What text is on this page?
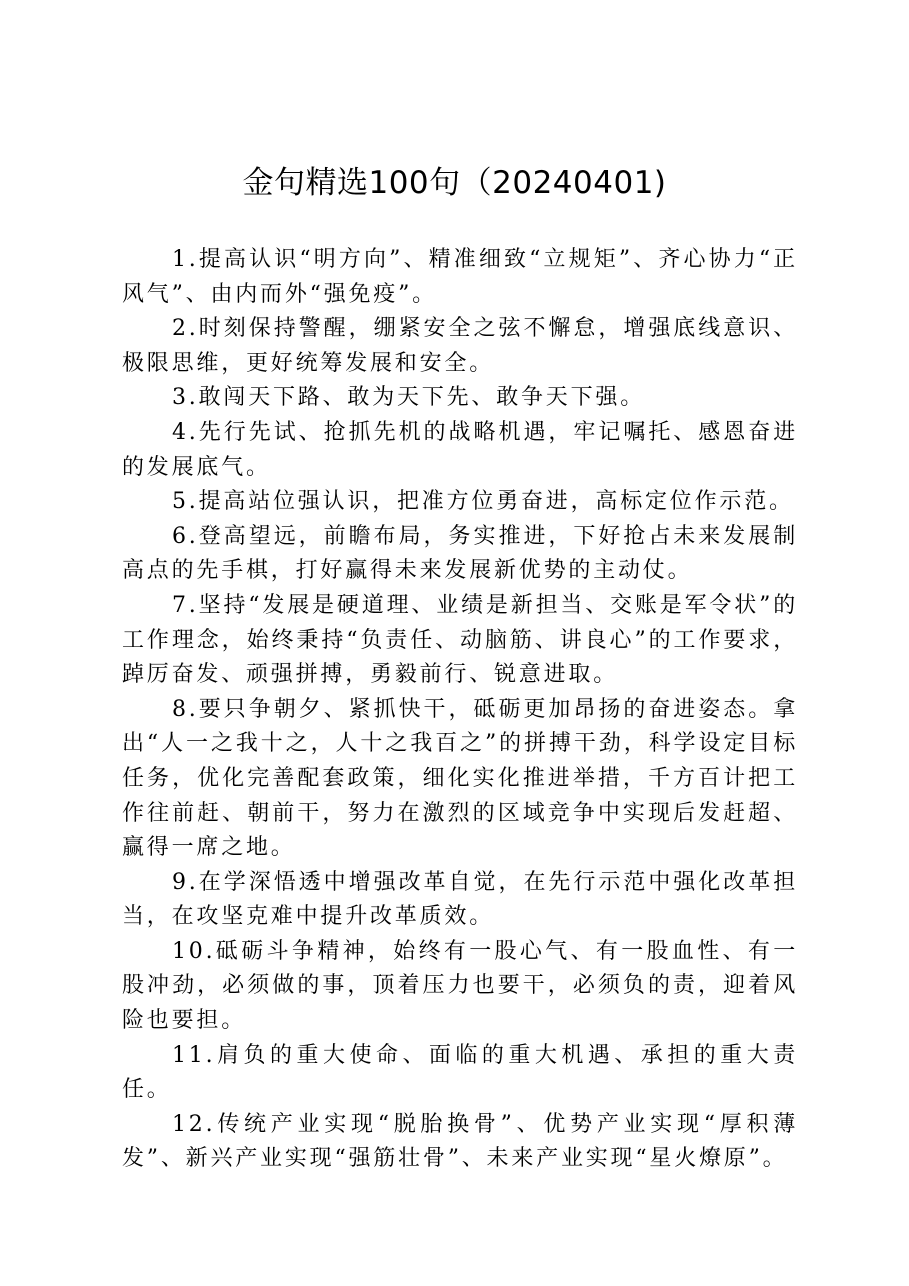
金句精选100句（20240401)

1.提高认识“明方向”、精准细致“立规矩”、齐心协力“正风气”、由内而外“强免疫”。

2.时刻保持警醒，绷紧安全之弦不懈怠，增强底线意识、极限思维，更好统筹发展和安全。

3.敢闯天下路、敢为天下先、敢争天下强。

4.先行先试、抢抓先机的战略机遇，牢记嘱托、感恩奋进的发展底气。

5.提高站位强认识，把准方位勇奋进，高标定位作示范。

6.登高望远，前瞻布局，务实推进，下好抢占未来发展制高点的先手棋，打好赢得未来发展新优势的主动仗。

7.坚持“发展是硬道理、业绩是新担当、交账是军令状”的工作理念，始终秉持“负责任、动脑筋、讲良心”的工作要求，踔厉奋发、顽强拼搏，勇毅前行、锐意进取。

8.要只争朝夕、紧抓快干，砥砺更加昂扬的奋进姿态。拿出“人一之我十之，人十之我百之”的拼搏干劲，科学设定目标任务，优化完善配套政策，细化实化推进举措，千方百计把工作往前赶、朝前干，努力在激烈的区域竞争中实现后发赶超、赢得一席之地。

9.在学深悟透中增强改革自觉，在先行示范中强化改革担当，在攻坚克难中提升改革质效。

10.砥砺斗争精神，始终有一股心气、有一股血性、有一股冲劲，必须做的事，顶着压力也要干，必须负的责，迎着风险也要担。

11.肩负的重大使命、面临的重大机遇、承担的重大责任。

12.传统产业实现“脱胎换骨”、优势产业实现“厚积薄发”、新兴产业实现“强筋壮骨”、未来产业实现“星火燎原”。
